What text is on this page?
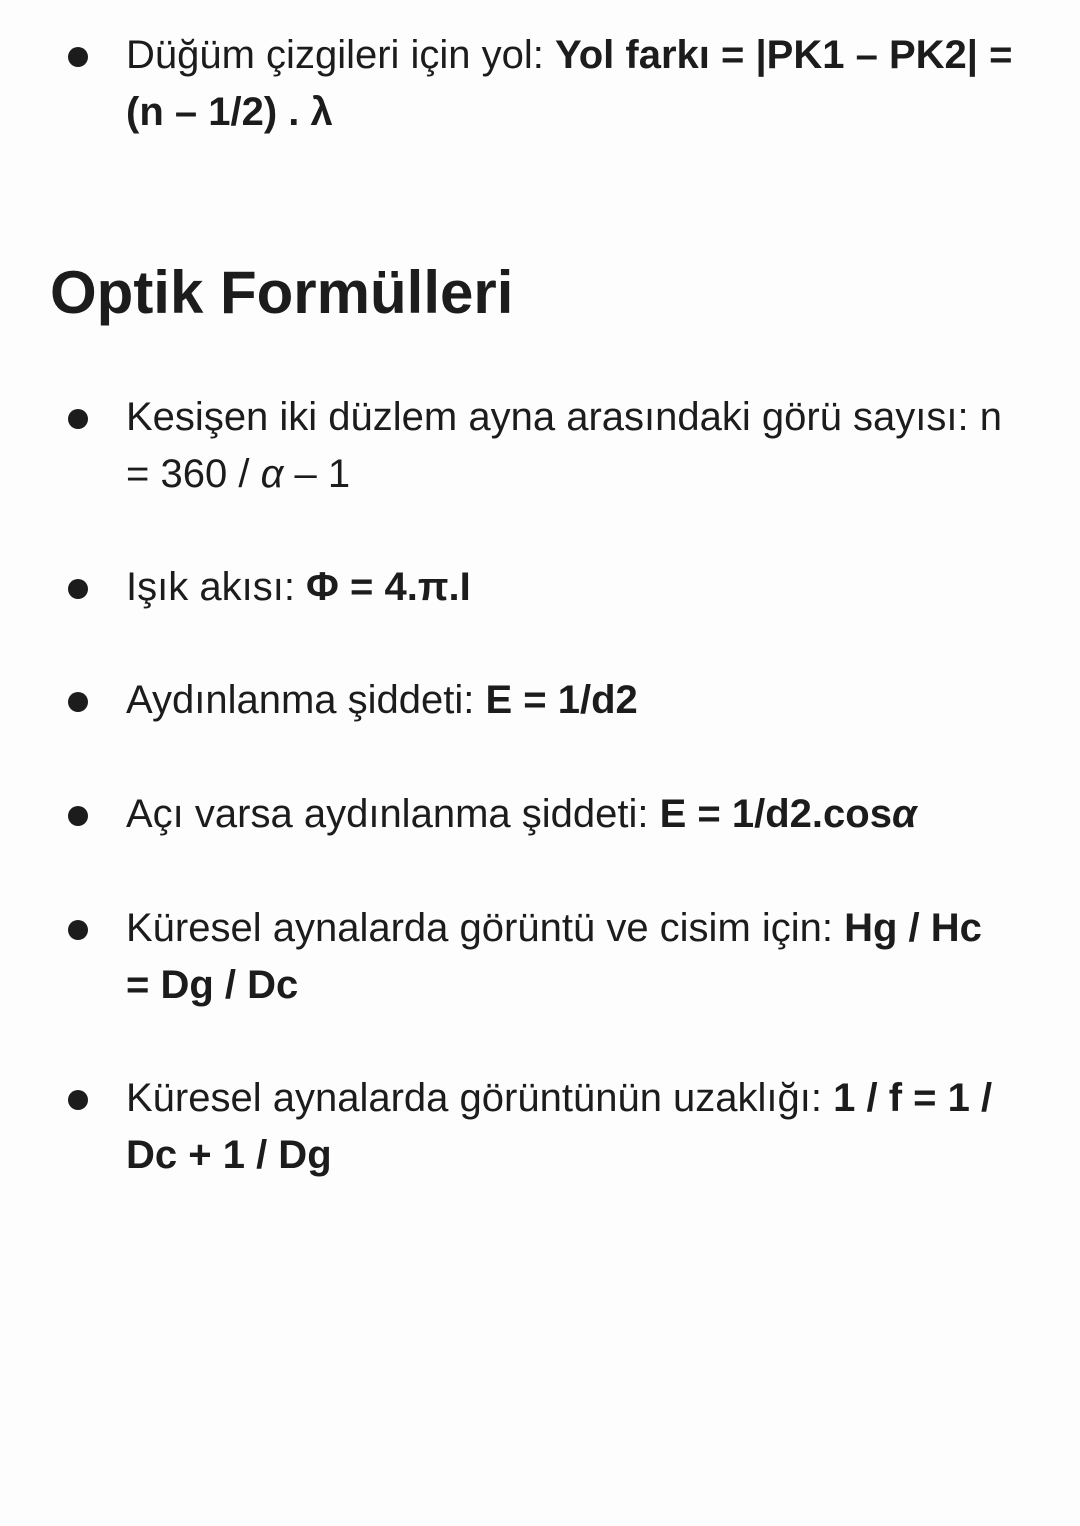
Düğüm çizgileri için yol: Yol farkı = |PK1 – PK2| = (n – 1/2) . λ
Optik Formülleri
Kesişen iki düzlem ayna arasındaki görü sayısı: n = 360 / α – 1
Işık akısı: Φ = 4.π.I
Aydınlanma şiddeti: E = 1/d2
Açı varsa aydınlanma şiddeti: E = 1/d2.cosα
Küresel aynalarda görüntü ve cisim için: Hg / Hc = Dg / Dc
Küresel aynalarda görüntünün uzaklığı: 1 / f = 1 / Dc + 1 / Dg
